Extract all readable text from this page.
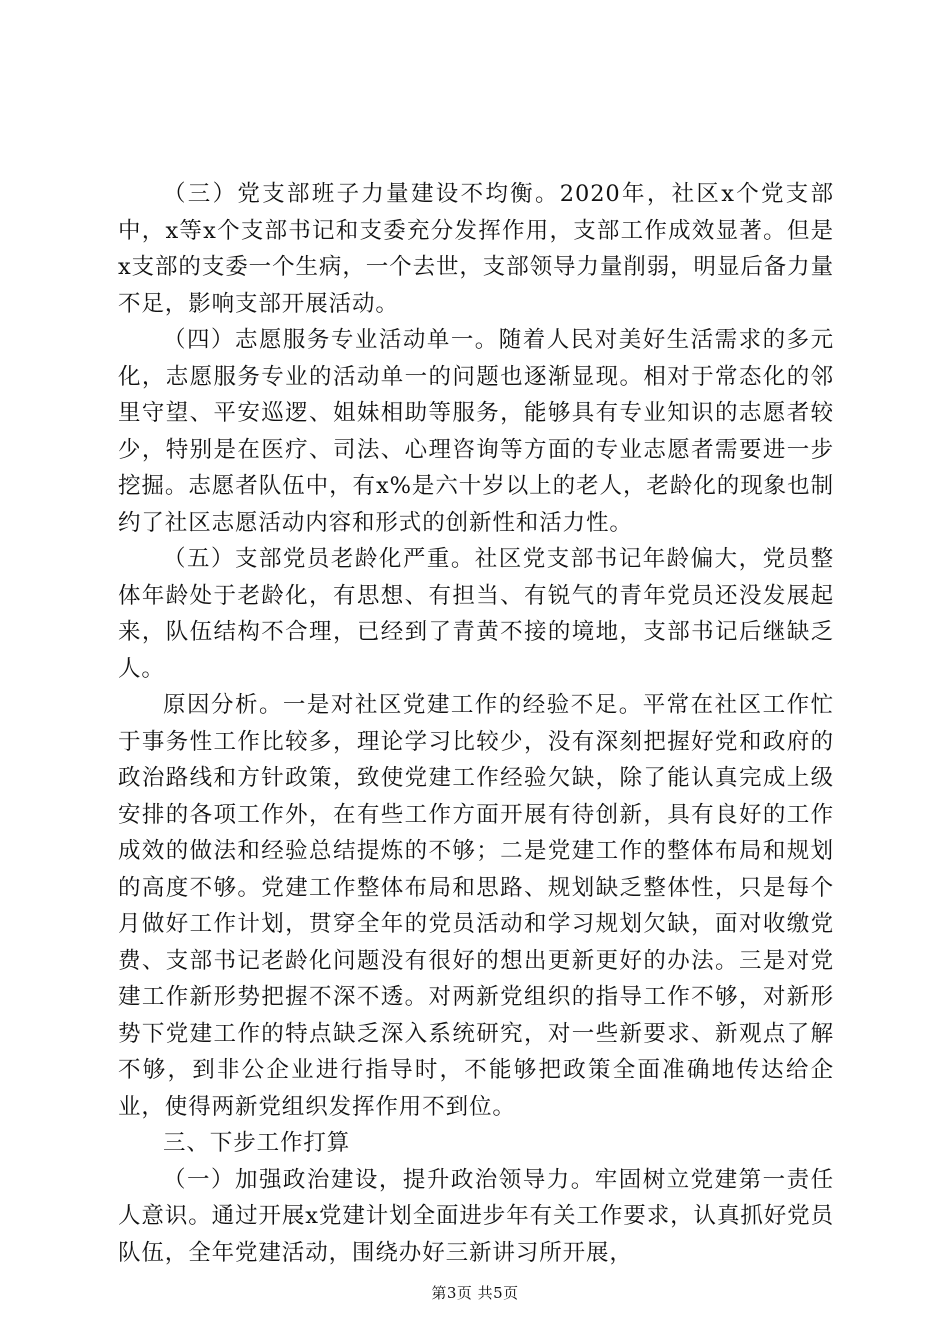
（三）党支部班子力量建设不均衡。2020年，社区x个党支部中，x等x个支部书记和支委充分发挥作用，支部工作成效显著。但是x支部的支委一个生病，一个去世，支部领导力量削弱，明显后备力量不足，影响支部开展活动。

（四）志愿服务专业活动单一。随着人民对美好生活需求的多元化，志愿服务专业的活动单一的问题也逐渐显现。相对于常态化的邻里守望、平安巡逻、姐妹相助等服务，能够具有专业知识的志愿者较少，特别是在医疗、司法、心理咨询等方面的专业志愿者需要进一步挖掘。志愿者队伍中，有x%是六十岁以上的老人，老龄化的现象也制约了社区志愿活动内容和形式的创新性和活力性。

（五）支部党员老龄化严重。社区党支部书记年龄偏大，党员整体年龄处于老龄化，有思想、有担当、有锐气的青年党员还没发展起来，队伍结构不合理，已经到了青黄不接的境地，支部书记后继缺乏人。

原因分析。一是对社区党建工作的经验不足。平常在社区工作忙于事务性工作比较多，理论学习比较少，没有深刻把握好党和政府的政治路线和方针政策，致使党建工作经验欠缺，除了能认真完成上级安排的各项工作外，在有些工作方面开展有待创新，具有良好的工作成效的做法和经验总结提炼的不够；二是党建工作的整体布局和规划的高度不够。党建工作整体布局和思路、规划缺乏整体性，只是每个月做好工作计划，贯穿全年的党员活动和学习规划欠缺，面对收缴党费、支部书记老龄化问题没有很好的想出更新更好的办法。三是对党建工作新形势把握不深不透。对两新党组织的指导工作不够，对新形势下党建工作的特点缺乏深入系统研究，对一些新要求、新观点了解不够，到非公企业进行指导时，不能够把政策全面准确地传达给企业，使得两新党组织发挥作用不到位。

三、下步工作打算

（一）加强政治建设，提升政治领导力。牢固树立党建第一责任人意识。通过开展x党建计划全面进步年有关工作要求，认真抓好党员队伍，全年党建活动，围绕办好三新讲习所开展，

第3页 共5页
